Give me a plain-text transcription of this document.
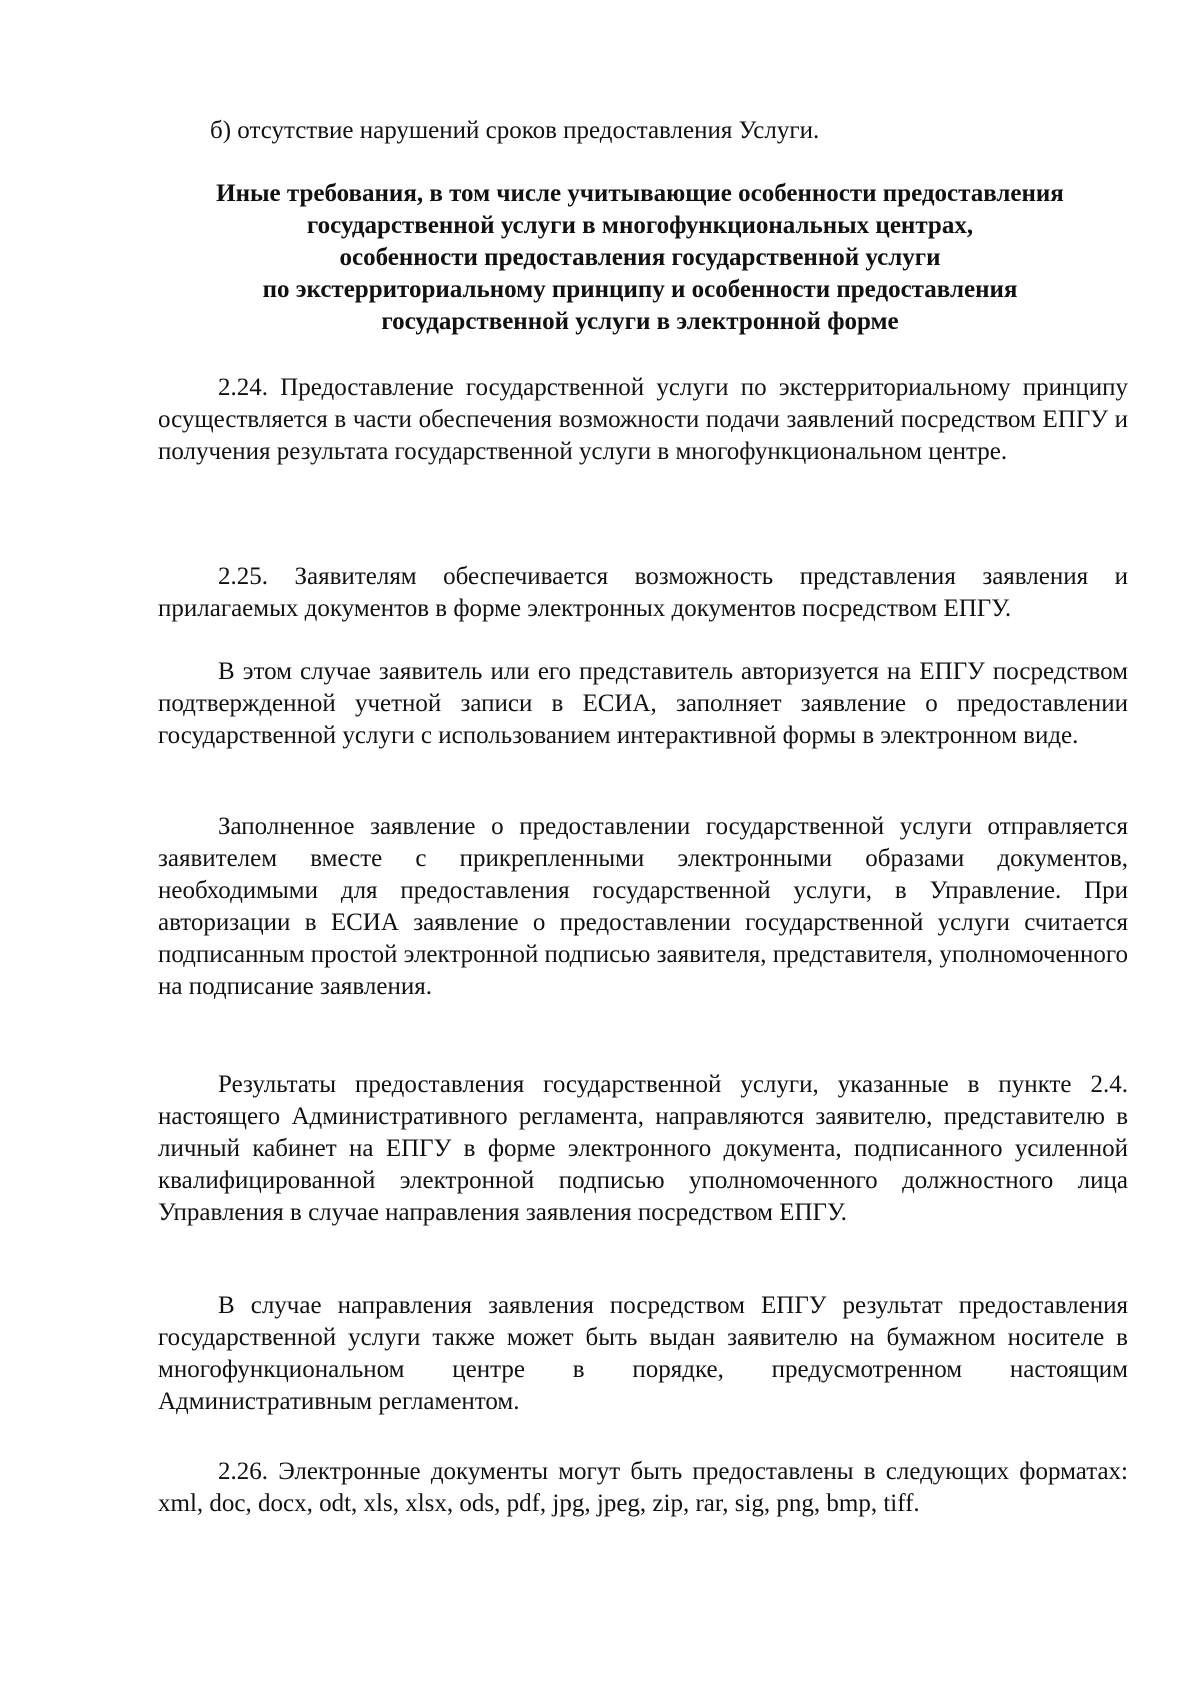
б) отсутствие нарушений сроков предоставления Услуги.
Иные требования, в том числе учитывающие особенности предоставления
государственной услуги в многофункциональных центрах,
особенности предоставления государственной услуги
по экстерриториальному принципу и особенности предоставления
государственной услуги в электронной форме

2.24. Предоставление государственной услуги по экстерриториальному принципу осуществляется в части обеспечения возможности подачи заявлений посредством ЕПГУ и получения результата государственной услуги в многофункциональном центре.

2.25. Заявителям обеспечивается возможность представления заявления и прилагаемых документов в форме электронных документов посредством ЕПГУ.

В этом случае заявитель или его представитель авторизуется на ЕПГУ посредством подтвержденной учетной записи в ЕСИА, заполняет заявление о предоставлении государственной услуги с использованием интерактивной формы в электронном виде.

Заполненное заявление о предоставлении государственной услуги отправляется заявителем вместе с прикрепленными электронными образами документов, необходимыми для предоставления государственной услуги, в Управление. При авторизации в ЕСИА заявление о предоставлении государственной услуги считается подписанным простой электронной подписью заявителя, представителя, уполномоченного на подписание заявления.

Результаты предоставления государственной услуги, указанные в пункте 2.4. настоящего Административного регламента, направляются заявителю, представителю в личный кабинет на ЕПГУ в форме электронного документа, подписанного усиленной квалифицированной электронной подписью уполномоченного должностного лица Управления в случае направления заявления посредством ЕПГУ.

В случае направления заявления посредством ЕПГУ результат предоставления государственной услуги также может быть выдан заявителю на бумажном носителе в многофункциональном центре в порядке, предусмотренном настоящим Административным регламентом.

2.26. Электронные документы могут быть предоставлены в следующих форматах: xml, doc, docx, odt, xls, xlsx, ods, pdf, jpg, jpeg, zip, rar, sig, png, bmp, tiff.
